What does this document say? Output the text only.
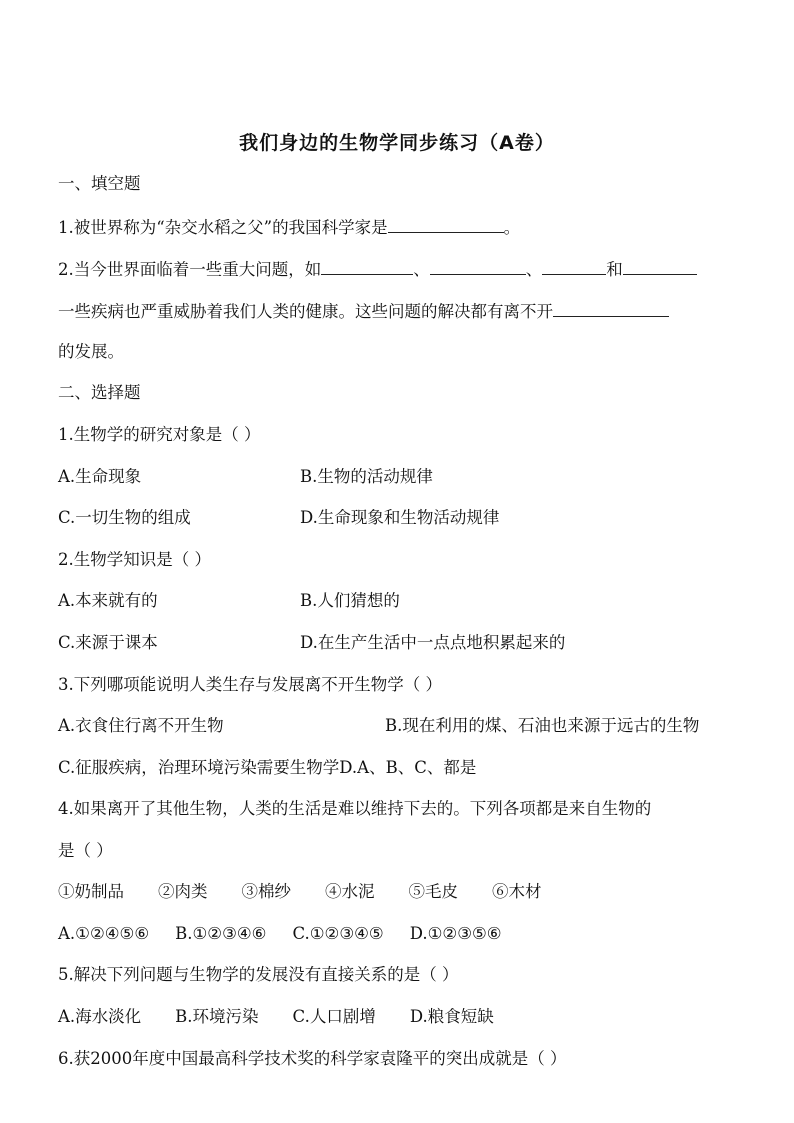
我们身边的生物学同步练习（A卷）
一、填空题
1.被世界称为“杂交水稻之父”的我国科学家是	。
2.当今世界面临着一些重大问题，如	、	、	和
一些疾病也严重威胁着我们人类的健康。这些问题的解决都有离不开
的发展。
二、选择题
1.生物学的研究对象是（ ）
A.生命现象	B.生物的活动规律
C.一切生物的组成	D.生命现象和生物活动规律
2.生物学知识是（ ）
A.本来就有的	B.人们猜想的
C.来源于课本	D.在生产生活中一点点地积累起来的
3.下列哪项能说明人类生存与发展离不开生物学（ ）
A.衣食住行离不开生物	B.现在利用的煤、石油也来源于远古的生物
C.征服疾病，治理环境污染需要生物学D.A、B、C、都是
4.如果离开了其他生物，人类的生活是难以维持下去的。下列各项都是来自生物的
是（ ）
①奶制品 ②肉类 ③棉纱 ④水泥 ⑤毛皮 ⑥木材
A.①②④⑤⑥ B.①②③④⑥ C.①②③④⑤ D.①②③⑤⑥
5.解决下列问题与生物学的发展没有直接关系的是（ ）
A.海水淡化 B.环境污染 C.人口剧增 D.粮食短缺
6.获2000年度中国最高科学技术奖的科学家袁隆平的突出成就是（ ）
